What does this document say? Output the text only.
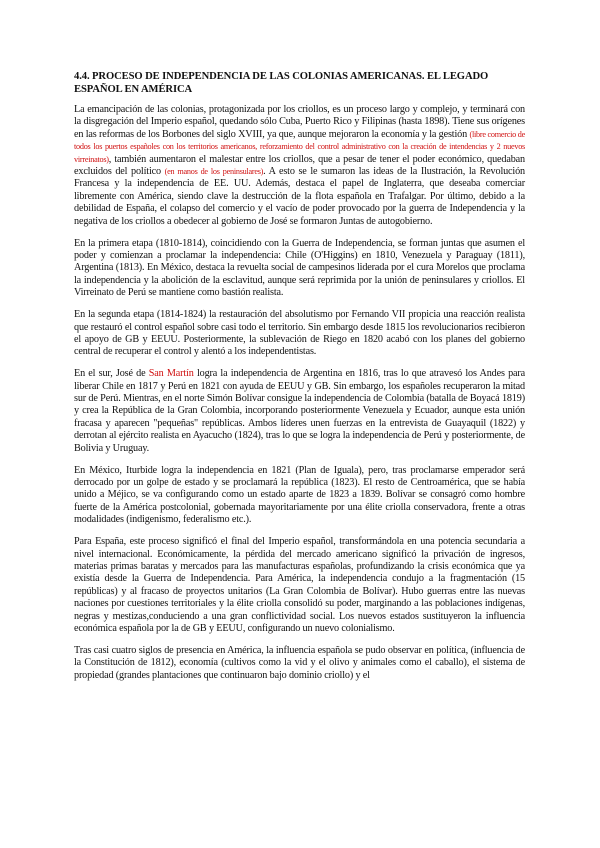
4.4. PROCESO DE INDEPENDENCIA DE LAS COLONIAS AMERICANAS. EL LEGADO ESPAÑOL EN AMÉRICA

La emancipación de las colonias, protagonizada por los criollos, es un proceso largo y complejo, y terminará con la disgregación del Imperio español, quedando sólo Cuba, Puerto Rico y Filipinas (hasta 1898). Tiene sus orígenes en las reformas de los Borbones del siglo XVIII, ya que, aunque mejoraron la economía y la gestión (libre comercio de todos los puertos españoles con los territorios americanos, reforzamiento del control administrativo con la creación de intendencias y 2 nuevos virreinatos), también aumentaron el malestar entre los criollos, que a pesar de tener el poder económico, quedaban excluidos del político (en manos de los peninsulares). A esto se le sumaron las ideas de la Ilustración, la Revolución Francesa y la independencia de EE. UU. Además, destaca el papel de Inglaterra, que deseaba comerciar libremente con América, siendo clave la destrucción de la flota española en Trafalgar. Por último, debido a la debilidad de España, el colapso del comercio y el vacío de poder provocado por la guerra de Independencia y la negativa de los criollos a obedecer al gobierno de José se formaron Juntas de autogobierno.

En la primera etapa (1810-1814), coincidiendo con la Guerra de Independencia, se forman juntas que asumen el poder y comienzan a proclamar la independencia: Chile (O'Higgins) en 1810, Venezuela y Paraguay (1811), Argentina (1813). En México, destaca la revuelta social de campesinos liderada por el cura Morelos que proclama la independencia y la abolición de la esclavitud, aunque será reprimida por la unión de peninsulares y criollos. El Virreinato de Perú se mantiene como bastión realista.

En la segunda etapa (1814-1824) la restauración del absolutismo por Fernando VII propicia una reacción realista que restauró el control español sobre casi todo el territorio. Sin embargo desde 1815 los revolucionarios recibieron el apoyo de GB y EEUU. Posteriormente, la sublevación de Riego en 1820 acabó con los planes del gobierno central de recuperar el control y alentó a los independentistas.

En el sur, José de San Martín logra la independencia de Argentina en 1816, tras lo que atravesó los Andes para liberar Chile en 1817 y Perú en 1821 con ayuda de EEUU y GB. Sin embargo, los españoles recuperaron la mitad sur de Perú. Mientras, en el norte Simón Bolívar consigue la independencia de Colombia (batalla de Boyacá 1819) y crea la República de la Gran Colombia, incorporando posteriormente Venezuela y Ecuador, aunque esta unión fracasa y aparecen "pequeñas" repúblicas. Ambos líderes unen fuerzas en la entrevista de Guayaquil (1822) y derrotan al ejército realista en Ayacucho (1824), tras lo que se logra la independencia de Perú y posteriormente, de Bolivia y Uruguay.

En México, Iturbide logra la independencia en 1821 (Plan de Iguala), pero, tras proclamarse emperador será derrocado por un golpe de estado y se proclamará la república (1823). El resto de Centroamérica, que se había unido a Méjico, se va configurando como un estado aparte de 1823 a 1839. Bolívar se consagró como hombre fuerte de la América postcolonial, gobernada mayoritariamente por una élite criolla conservadora, frente a otras modalidades (indigenismo, federalismo etc.).

Para España, este proceso significó el final del Imperio español, transformándola en una potencia secundaria a nivel internacional. Económicamente, la pérdida del mercado americano significó la privación de ingresos, materias primas baratas y mercados para las manufacturas españolas, profundizando la crisis económica que ya existía desde la Guerra de Independencia. Para América, la independencia condujo a la fragmentación (15 repúblicas) y al fracaso de proyectos unitarios (La Gran Colombia de Bolívar). Hubo guerras entre las nuevas naciones por cuestiones territoriales y la élite criolla consolidó su poder, marginando a las poblaciones indígenas, negras y mestizas,conduciendo a una gran conflictividad social. Los nuevos estados sustituyeron la influencia económica española por la de GB y EEUU, configurando un nuevo colonialismo.

Tras casi cuatro siglos de presencia en América, la influencia española se pudo observar en política, (influencia de la Constitución de 1812), economía (cultivos como la vid y el olivo y animales como el caballo), el sistema de propiedad (grandes plantaciones que continuaron bajo dominio criollo) y el
